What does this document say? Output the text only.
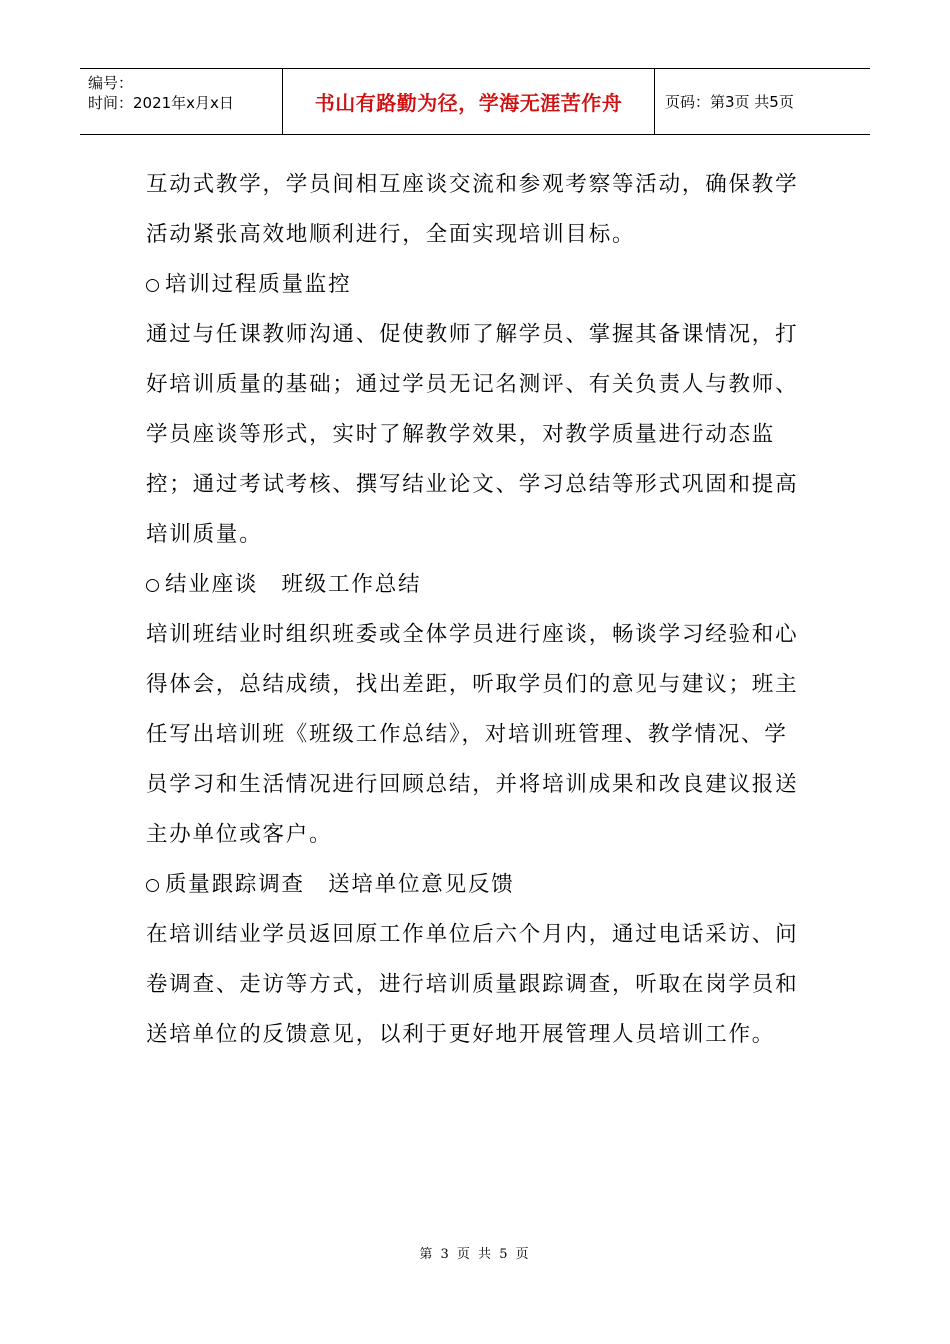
编号：
时间：2021年x月x日	书山有路勤为径，学海无涯苦作舟	页码：第3页 共5页

互动式教学，学员间相互座谈交流和参观考察等活动，确保教学活动紧张高效地顺利进行，全面实现培训目标。

培训过程质量监控

通过与任课教师沟通、促使教师了解学员、掌握其备课情况，打好培训质量的基础；通过学员无记名测评、有关负责人与教师、学员座谈等形式，实时了解教学效果，对教学质量进行动态监控；通过考试考核、撰写结业论文、学习总结等形式巩固和提高培训质量。

结业座谈　班级工作总结

培训班结业时组织班委或全体学员进行座谈，畅谈学习经验和心得体会，总结成绩，找出差距，听取学员们的意见与建议；班主任写出培训班《班级工作总结》，对培训班管理、教学情况、学员学习和生活情况进行回顾总结，并将培训成果和改良建议报送主办单位或客户。

质量跟踪调查　送培单位意见反馈

在培训结业学员返回原工作单位后六个月内，通过电话采访、问卷调查、走访等方式，进行培训质量跟踪调查，听取在岗学员和送培单位的反馈意见，以利于更好地开展管理人员培训工作。

第 3 页 共 5 页
